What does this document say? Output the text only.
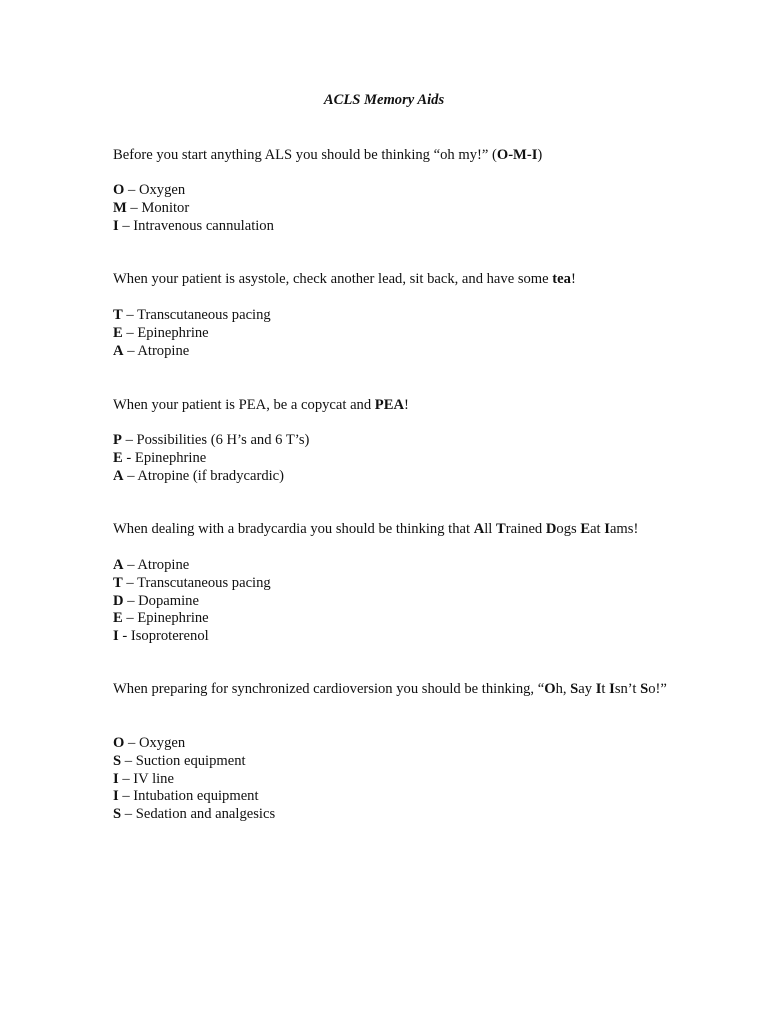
ACLS Memory Aids

Before you start anything ALS you should be thinking “oh my!” (O-M-I)

O – Oxygen
M – Monitor
I – Intravenous cannulation

When your patient is asystole, check another lead, sit back, and have some tea!

T – Transcutaneous pacing
E – Epinephrine
A – Atropine

When your patient is PEA, be a copycat and PEA!

P – Possibilities (6 H’s and 6 T’s)
E - Epinephrine
A – Atropine (if bradycardic)

When dealing with a bradycardia you should be thinking that All Trained Dogs Eat Iams!

A – Atropine
T – Transcutaneous pacing
D – Dopamine
E – Epinephrine
I - Isoproterenol

When preparing for synchronized cardioversion you should be thinking, “Oh, Say It Isn’t So!”

O – Oxygen
S – Suction equipment
I – IV line
I – Intubation equipment
S – Sedation and analgesics
